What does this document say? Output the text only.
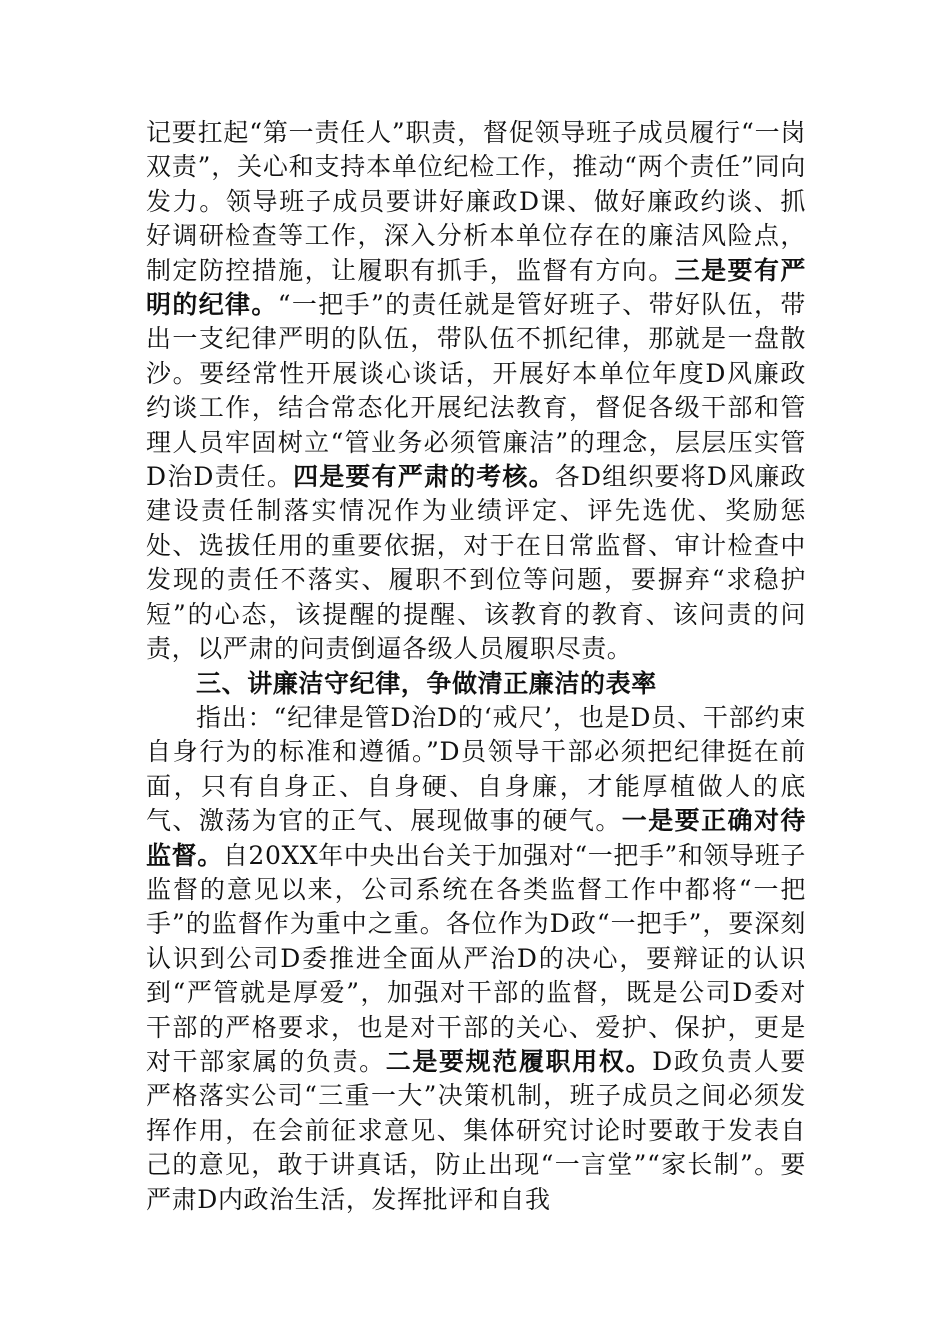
记要扛起“第一责任人”职责，督促领导班子成员履行“一岗双责”，关心和支持本单位纪检工作，推动“两个责任”同向发力。领导班子成员要讲好廉政D课、做好廉政约谈、抓好调研检查等工作，深入分析本单位存在的廉洁风险点，制定防控措施，让履职有抓手，监督有方向。三是要有严明的纪律。“一把手”的责任就是管好班子、带好队伍，带出一支纪律严明的队伍，带队伍不抓纪律，那就是一盘散沙。要经常性开展谈心谈话，开展好本单位年度D风廉政约谈工作，结合常态化开展纪法教育，督促各级干部和管理人员牢固树立“管业务必须管廉洁”的理念，层层压实管D治D责任。四是要有严肃的考核。各D组织要将D风廉政建设责任制落实情况作为业绩评定、评先选优、奖励惩处、选拔任用的重要依据，对于在日常监督、审计检查中发现的责任不落实、履职不到位等问题，要摒弃“求稳护短”的心态，该提醒的提醒、该教育的教育、该问责的问责，以严肃的问责倒逼各级人员履职尽责。

三、讲廉洁守纪律，争做清正廉洁的表率

指出：“纪律是管D治D的‘戒尺’，也是D员、干部约束自身行为的标准和遵循。”D员领导干部必须把纪律挺在前面，只有自身正、自身硬、自身廉，才能厚植做人的底气、激荡为官的正气、展现做事的硬气。一是要正确对待监督。自20XX年中央出台关于加强对“一把手”和领导班子监督的意见以来，公司系统在各类监督工作中都将“一把手”的监督作为重中之重。各位作为D政“一把手”，要深刻认识到公司D委推进全面从严治D的决心，要辩证的认识到“严管就是厚爱”，加强对干部的监督，既是公司D委对干部的严格要求，也是对干部的关心、爱护、保护，更是对干部家属的负责。二是要规范履职用权。D政负责人要严格落实公司“三重一大”决策机制，班子成员之间必须发挥作用，在会前征求意见、集体研究讨论时要敢于发表自己的意见，敢于讲真话，防止出现“一言堂”“家长制”。要严肃D内政治生活，发挥批评和自我
